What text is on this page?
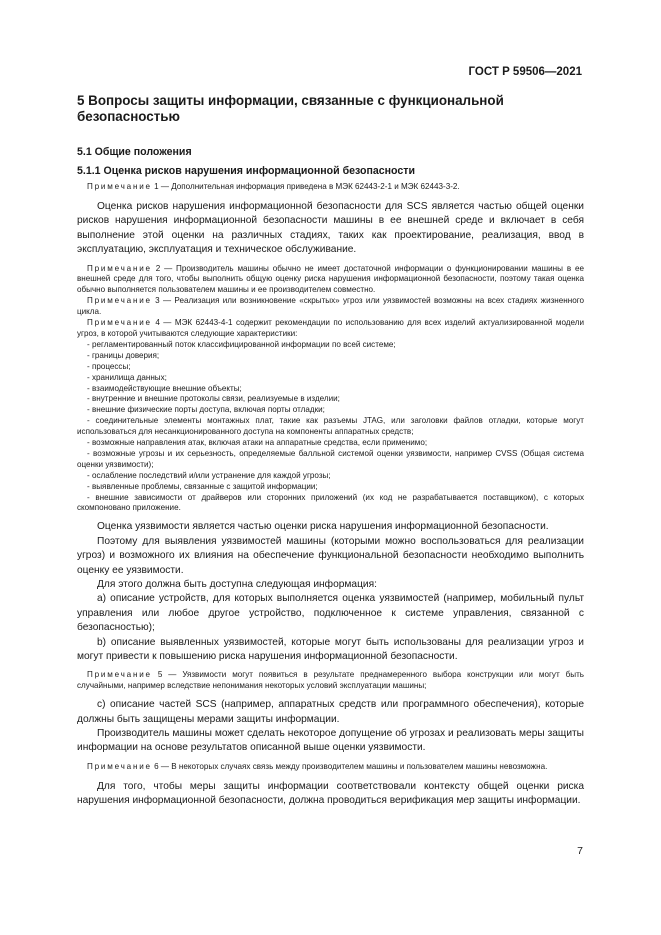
ГОСТ Р 59506—2021
5 Вопросы защиты информации, связанные с функциональной безопасностью
5.1 Общие положения
5.1.1 Оценка рисков нарушения информационной безопасности

Примечание 1 — Дополнительная информация приведена в МЭК 62443-2-1 и МЭК 62443-3-2.

Оценка рисков нарушения информационной безопасности для SCS является частью общей оценки рисков нарушения информационной безопасности машины в ее внешней среде и включает в себя выполнение этой оценки на различных стадиях, таких как проектирование, реализация, ввод в эксплуатацию, эксплуатация и техническое обслуживание.

Примечание 2 — Производитель машины обычно не имеет достаточной информации о функционировании машины в ее внешней среде для того, чтобы выполнить общую оценку риска нарушения информационной безопасности, поэтому такая оценка обычно выполняется пользователем машины и ее производителем совместно.

Примечание 3 — Реализация или возникновение «скрытых» угроз или уязвимостей возможны на всех стадиях жизненного цикла.

Примечание 4 — МЭК 62443-4-1 содержит рекомендации по использованию для всех изделий актуализированной модели угроз, в которой учитываются следующие характеристики:

- регламентированный поток классифицированной информации по всей системе;

- границы доверия;

- процессы;

- хранилища данных;

- взаимодействующие внешние объекты;

- внутренние и внешние протоколы связи, реализуемые в изделии;

- внешние физические порты доступа, включая порты отладки;

- соединительные элементы монтажных плат, такие как разъемы JTAG, или заголовки файлов отладки, которые могут использоваться для несанкционированного доступа на компоненты аппаратных средств;

- возможные направления атак, включая атаки на аппаратные средства, если применимо;

- возможные угрозы и их серьезность, определяемые балльной системой оценки уязвимости, например CVSS (Общая система оценки уязвимости);

- ослабление последствий и/или устранение для каждой угрозы;

- выявленные проблемы, связанные с защитой информации;

- внешние зависимости от драйверов или сторонних приложений (их код не разрабатывается поставщиком), с которых скомпоновано приложение.

Оценка уязвимости является частью оценки риска нарушения информационной безопасности.

Поэтому для выявления уязвимостей машины (которыми можно воспользоваться для реализации угроз) и возможного их влияния на обеспечение функциональной безопасности необходимо выполнить оценку ее уязвимости.

Для этого должна быть доступна следующая информация:

a) описание устройств, для которых выполняется оценка уязвимостей (например, мобильный пульт управления или любое другое устройство, подключенное к системе управления, связанной с безопасностью);

b) описание выявленных уязвимостей, которые могут быть использованы для реализации угроз и могут привести к повышению риска нарушения информационной безопасности.

Примечание 5 — Уязвимости могут появиться в результате преднамеренного выбора конструкции или могут быть случайными, например вследствие непонимания некоторых условий эксплуатации машины;

c) описание частей SCS (например, аппаратных средств или программного обеспечения), которые должны быть защищены мерами защиты информации.

Производитель машины может сделать некоторое допущение об угрозах и реализовать меры защиты информации на основе результатов описанной выше оценки уязвимости.

Примечание 6 — В некоторых случаях связь между производителем машины и пользователем машины невозможна.

Для того, чтобы меры защиты информации соответствовали контексту общей оценки риска нарушения информационной безопасности, должна проводиться верификация мер защиты информации.

7
